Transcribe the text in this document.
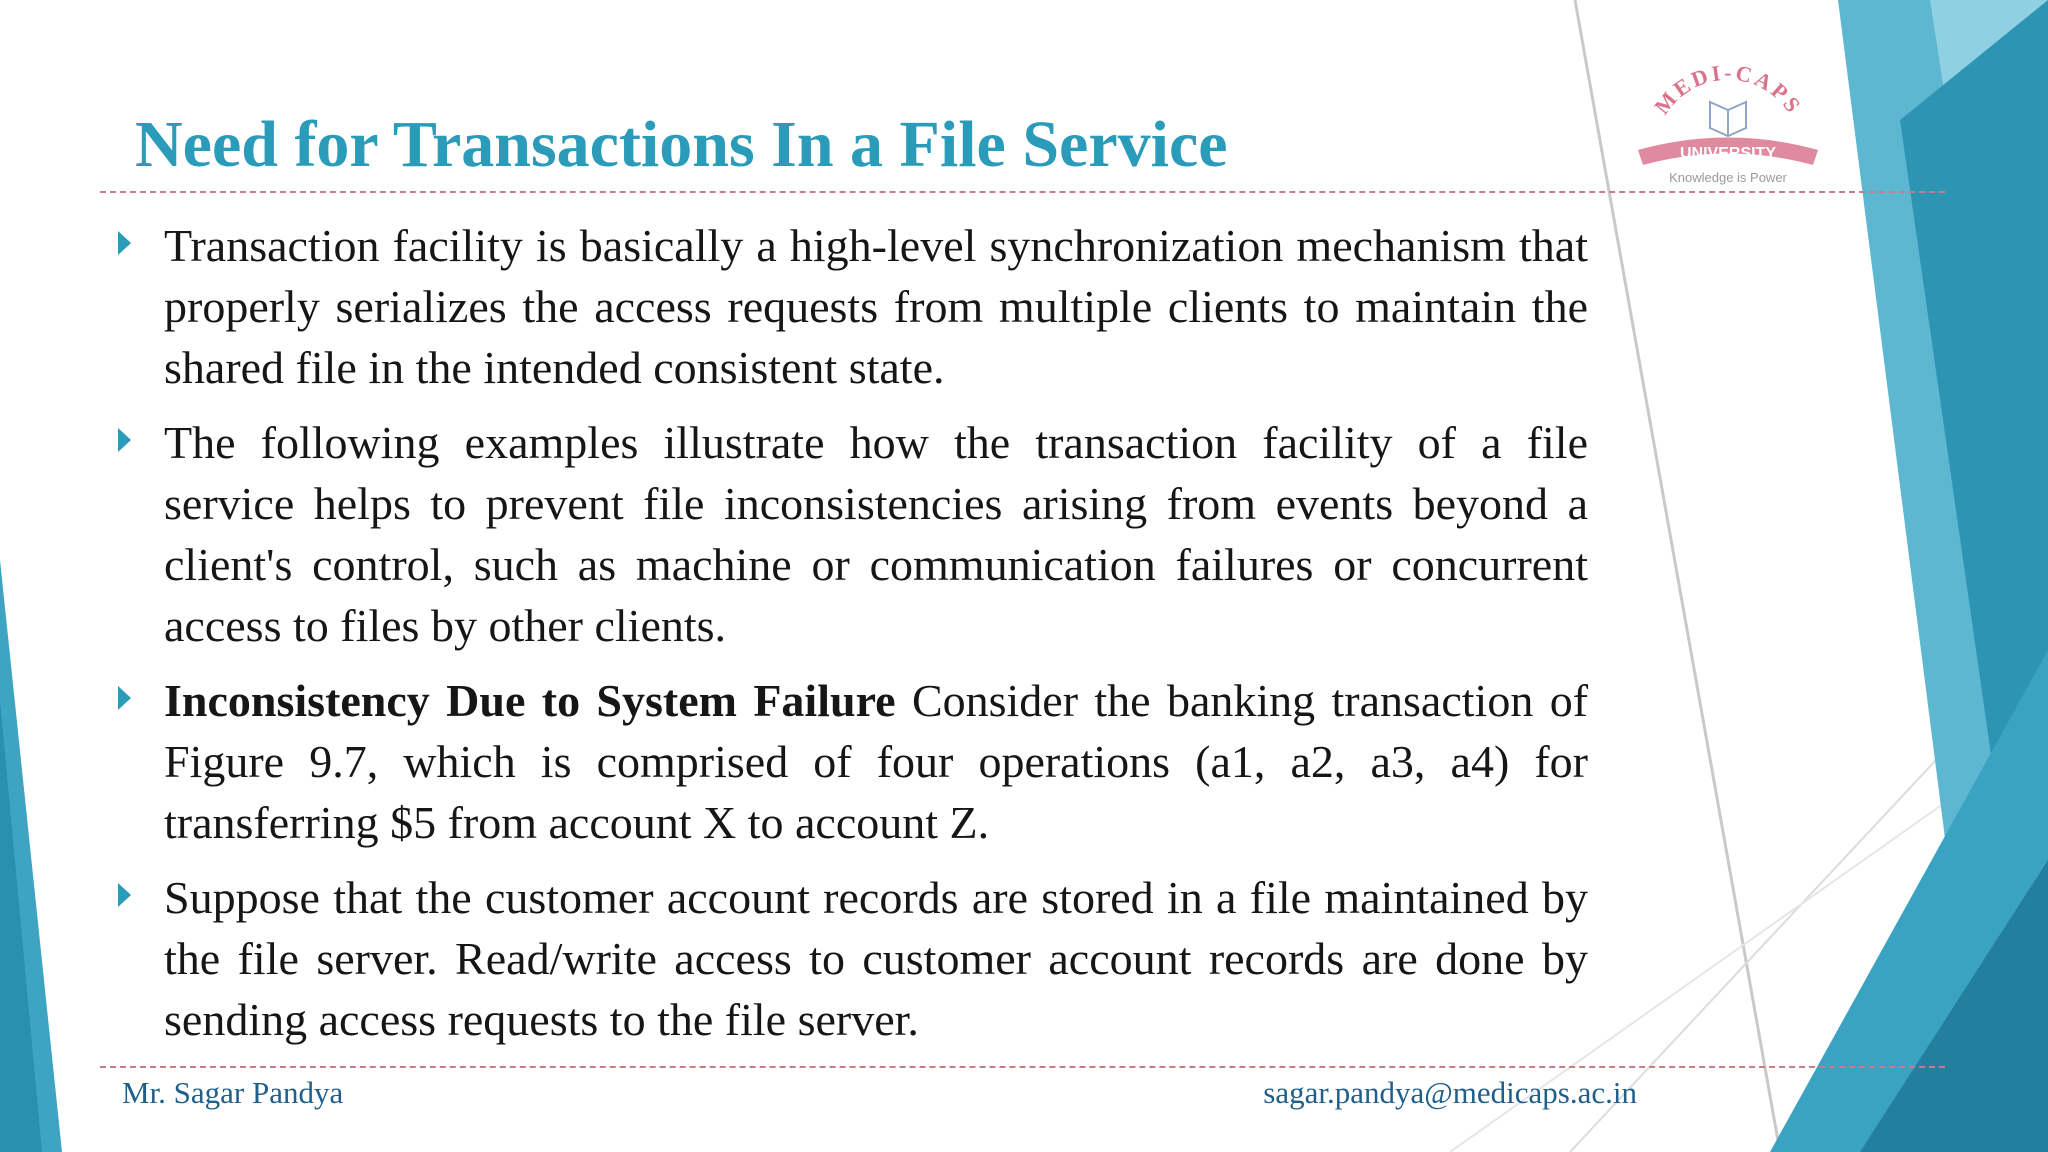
MEDI-CAPS
UNIVERSITY
Knowledge is Power
Need for Transactions In a File Service
Transaction facility is basically a high-level synchronization mechanism that properly serializes the access requests from multiple clients to maintain the shared file in the intended consistent state.
The following examples illustrate how the transaction facility of a file service helps to prevent file inconsistencies arising from events beyond a client's control, such as machine or communication failures or concurrent access to files by other clients.
Inconsistency Due to System Failure Consider the banking transaction of Figure 9.7, which is comprised of four operations (a1, a2, a3, a4) for transferring $5 from account X to account Z.
Suppose that the customer account records are stored in a file maintained by the file server. Read/write access to customer account records are done by sending access requests to the file server.
Mr. Sagar Pandya	sagar.pandya@medicaps.ac.in
